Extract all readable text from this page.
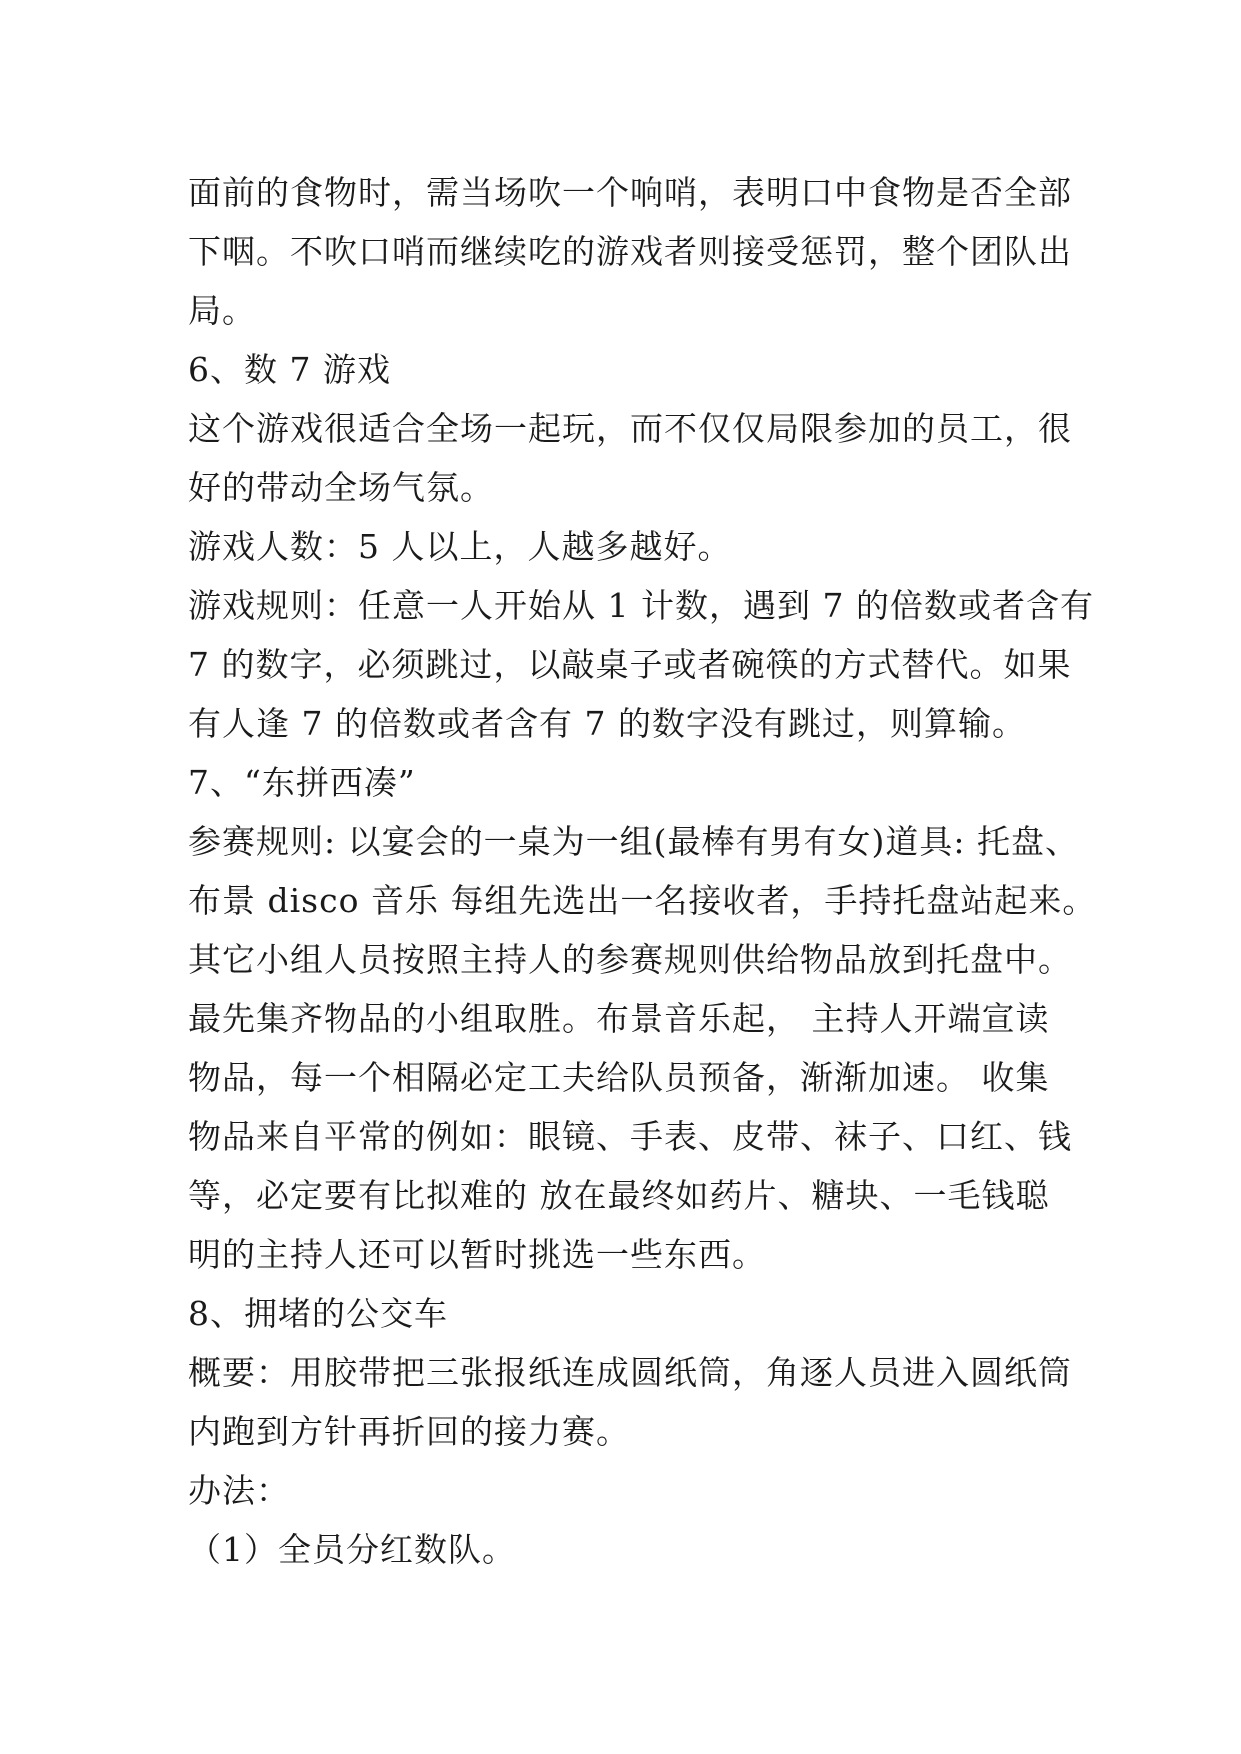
面前的食物时，需当场吹一个响哨，表明口中食物是否全部
下咽。不吹口哨而继续吃的游戏者则接受惩罚，整个团队出
局。
6、数 7 游戏
这个游戏很适合全场一起玩，而不仅仅局限参加的员工，很
好的带动全场气氛。
游戏人数：5 人以上，人越多越好。
游戏规则：任意一人开始从 1 计数，遇到 7 的倍数或者含有
7 的数字，必须跳过，以敲桌子或者碗筷的方式替代。如果
有人逢 7 的倍数或者含有 7 的数字没有跳过，则算输。
7、“东拼西凑”
参赛规则: 以宴会的一桌为一组(最棒有男有女)道具: 托盘、
布景 disco 音乐 每组先选出一名接收者，手持托盘站起来。
其它小组人员按照主持人的参赛规则供给物品放到托盘中。
最先集齐物品的小组取胜。布景音乐起， 主持人开端宣读
物品，每一个相隔必定工夫给队员预备，渐渐加速。 收集
物品来自平常的例如：眼镜、手表、皮带、袜子、口红、钱
等，必定要有比拟难的 放在最终如药片、糖块、一毛钱聪
明的主持人还可以暂时挑选一些东西。
8、拥堵的公交车
概要：用胶带把三张报纸连成圆纸筒，角逐人员进入圆纸筒
内跑到方针再折回的接力赛。
办法：
（1）全员分红数队。
